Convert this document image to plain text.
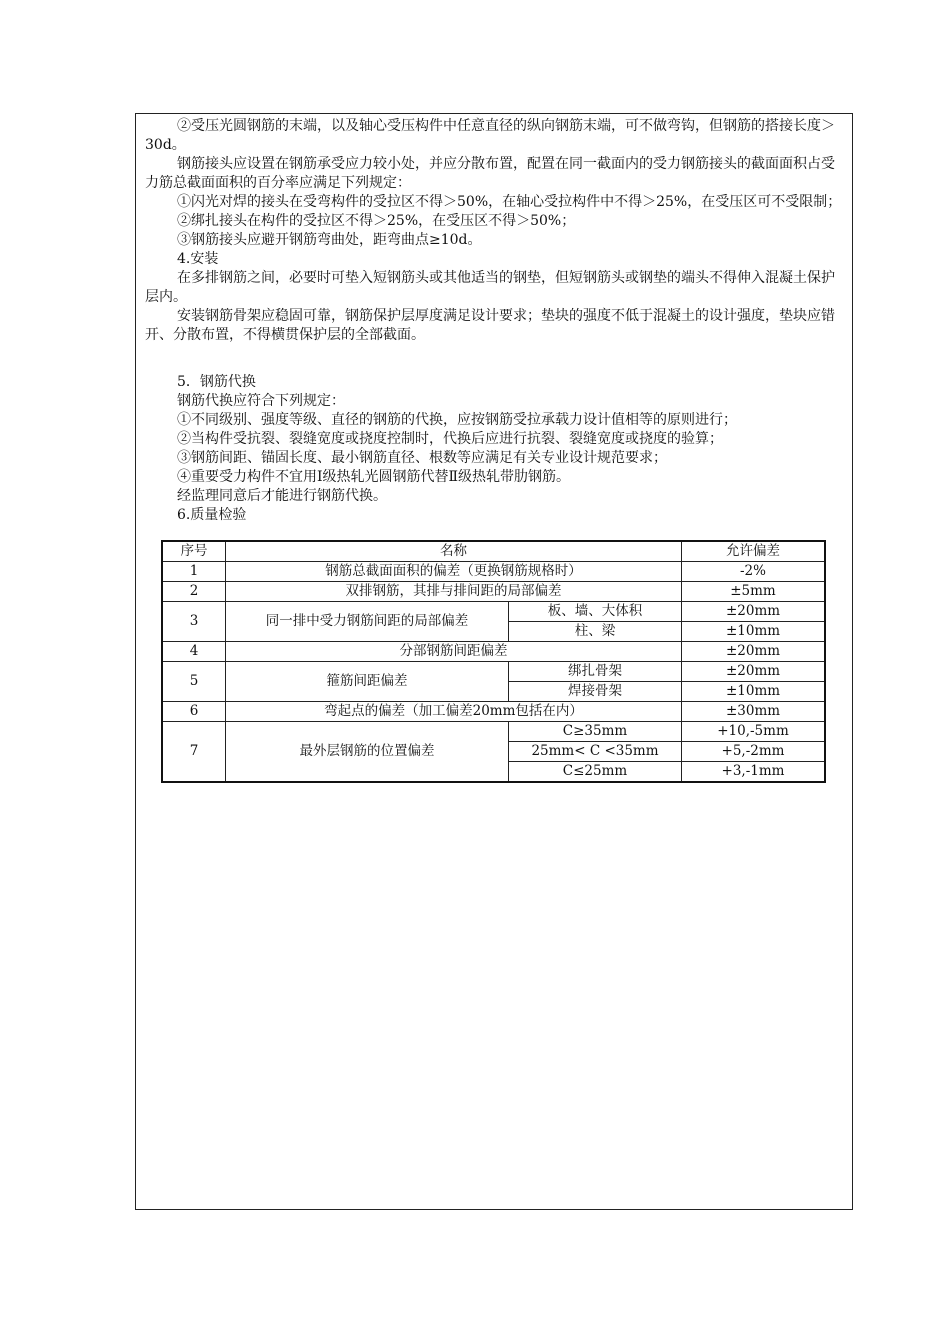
②受压光圆钢筋的末端，以及轴心受压构件中任意直径的纵向钢筋末端，可不做弯钩，但钢筋的搭接长度＞30d。

钢筋接头应设置在钢筋承受应力较小处，并应分散布置，配置在同一截面内的受力钢筋接头的截面面积占受力筋总截面面积的百分率应满足下列规定：

①闪光对焊的接头在受弯构件的受拉区不得＞50%，在轴心受拉构件中不得＞25%，在受压区可不受限制；

②绑扎接头在构件的受拉区不得＞25%，在受压区不得＞50%；

③钢筋接头应避开钢筋弯曲处，距弯曲点≥10d。

4.安装

在多排钢筋之间，必要时可垫入短钢筋头或其他适当的钢垫，但短钢筋头或钢垫的端头不得伸入混凝土保护层内。

安装钢筋骨架应稳固可靠，钢筋保护层厚度满足设计要求；垫块的强度不低于混凝土的设计强度，垫块应错开、分散布置，不得横贯保护层的全部截面。

5．钢筋代换

钢筋代换应符合下列规定：

①不同级别、强度等级、直径的钢筋的代换，应按钢筋受拉承载力设计值相等的原则进行；

②当构件受抗裂、裂缝宽度或挠度控制时，代换后应进行抗裂、裂缝宽度或挠度的验算；

③钢筋间距、锚固长度、最小钢筋直径、根数等应满足有关专业设计规范要求；

④重要受力构件不宜用Ⅰ级热轧光圆钢筋代替Ⅱ级热轧带肋钢筋。

经监理同意后才能进行钢筋代换。

6.质量检验

序号	名称		允许偏差
1	钢筋总截面面积的偏差（更换钢筋规格时）		-2%
2	双排钢筋，其排与排间距的局部偏差		±5mm
3	同一排中受力钢筋间距的局部偏差	板、墙、大体积	±20mm
		柱、梁	±10mm
4	分部钢筋间距偏差		±20mm
5	箍筋间距偏差	绑扎骨架	±20mm
		焊接骨架	±10mm
6	弯起点的偏差（加工偏差20mm包括在内）		±30mm
7	最外层钢筋的位置偏差	C≥35mm	+10,-5mm
		25mm< C <35mm	+5,-2mm
		C≤25mm	+3,-1mm
